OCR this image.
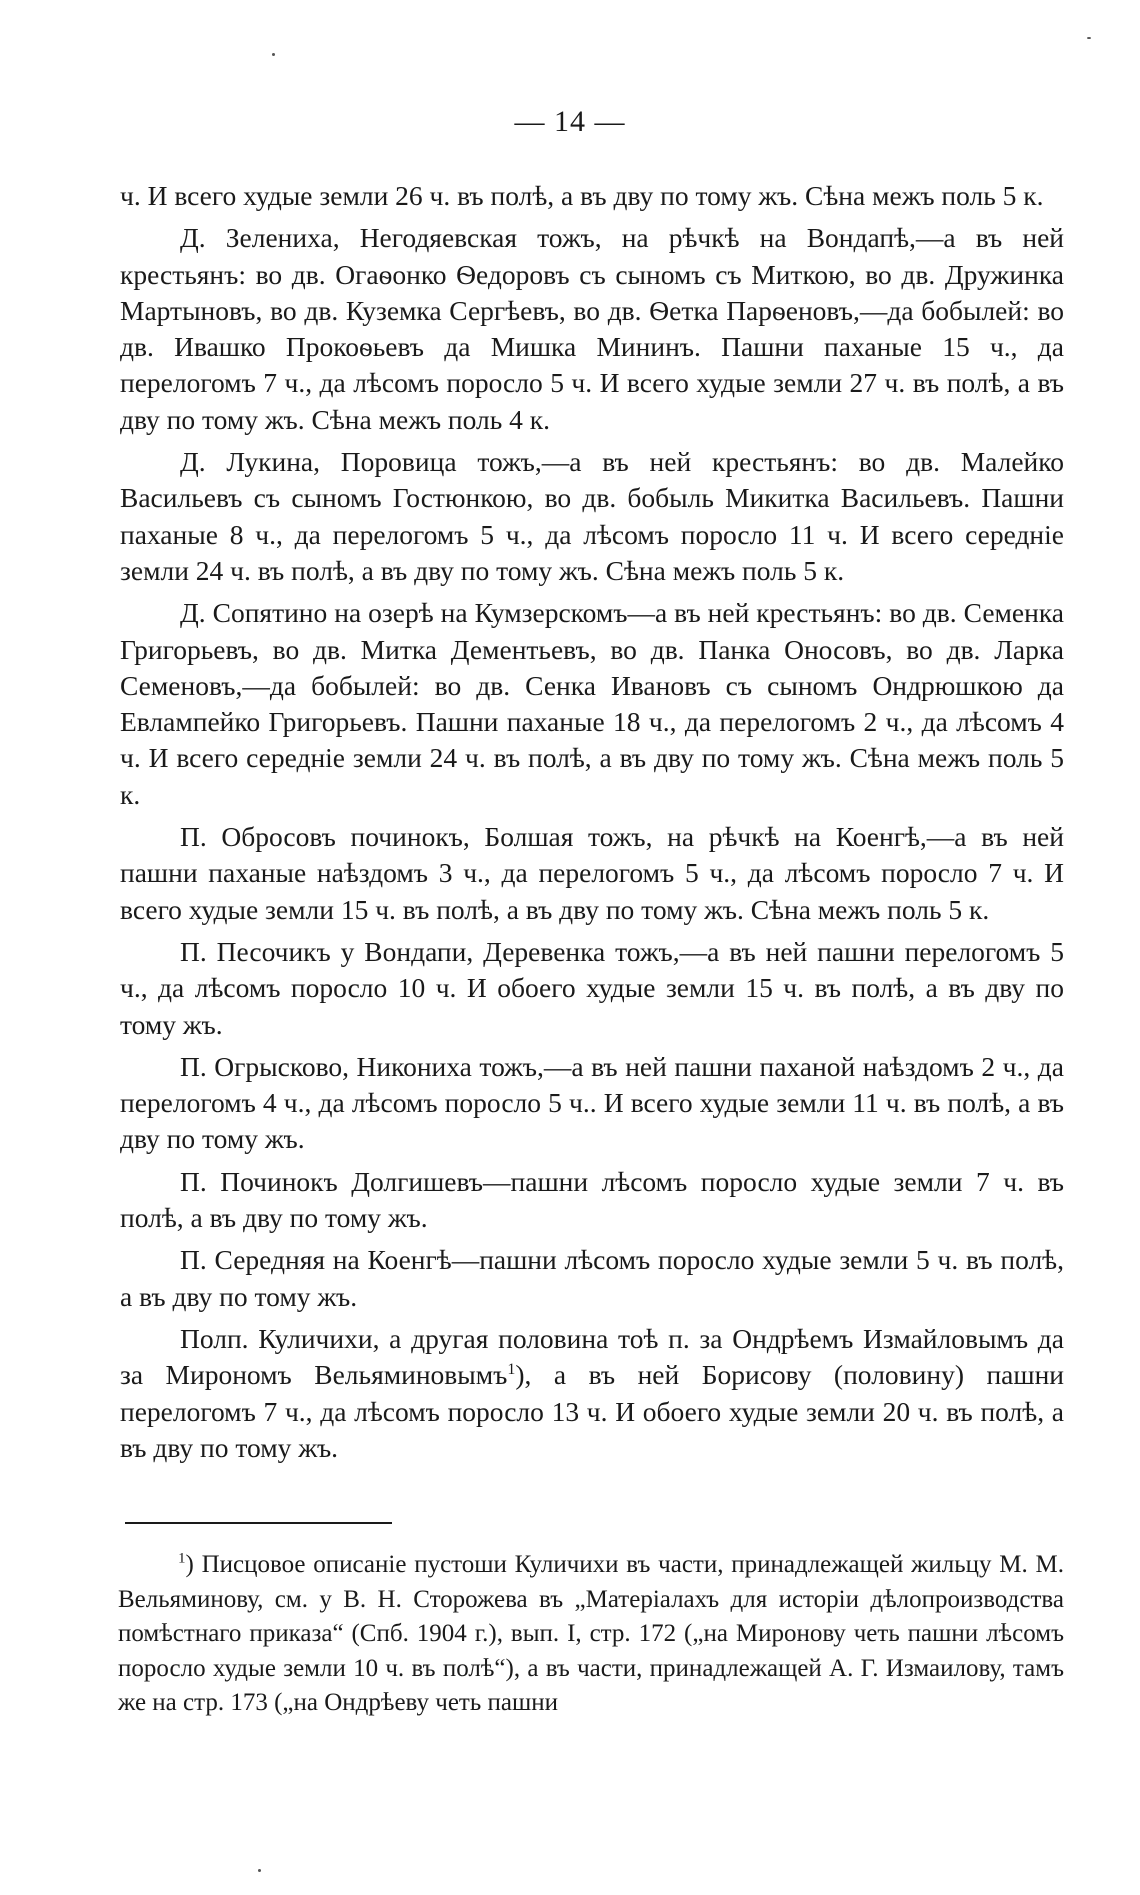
— 14 —

ч. И всего худые земли 26 ч. въ полѣ, а въ дву по тому жъ. Сѣна межъ поль 5 к.

Д. Зелениха, Негодяевская тожъ, на рѣчкѣ на Вондапѣ,—а въ ней крестьянъ: во дв. Огаѳонко Ѳедоровъ съ сыномъ съ Миткою, во дв. Дружинка Мартыновъ, во дв. Куземка Сергѣевъ, во дв. Ѳетка Парѳеновъ,—да бобылей: во дв. Ивашко Прокоѳьевъ да Мишка Мининъ. Пашни паханые 15 ч., да перелогомъ 7 ч., да лѣсомъ поросло 5 ч. И всего худые земли 27 ч. въ полѣ, а въ дву по тому жъ. Сѣна межъ поль 4 к.

Д. Лукина, Поровица тожъ,—а въ ней крестьянъ: во дв. Малейко Васильевъ съ сыномъ Гостюнкою, во дв. бобыль Микитка Васильевъ. Пашни паханые 8 ч., да перелогомъ 5 ч., да лѣсомъ поросло 11 ч. И всего середніе земли 24 ч. въ полѣ, а въ дву по тому жъ. Сѣна межъ поль 5 к.

Д. Сопятино на озерѣ на Кумзерскомъ—а въ ней крестьянъ: во дв. Семенка Григорьевъ, во дв. Митка Дементьевъ, во дв. Панка Оносовъ, во дв. Ларка Семеновъ,—да бобылей: во дв. Сенка Ивановъ съ сыномъ Ондрюшкою да Евлампейко Григорьевъ. Пашни паханые 18 ч., да перелогомъ 2 ч., да лѣсомъ 4 ч. И всего середніе земли 24 ч. въ полѣ, а въ дву по тому жъ. Сѣна межъ поль 5 к.

П. Обросовъ починокъ, Болшая тожъ, на рѣчкѣ на Коенгѣ,—а въ ней пашни паханые наѣздомъ 3 ч., да перелогомъ 5 ч., да лѣсомъ поросло 7 ч. И всего худые земли 15 ч. въ полѣ, а въ дву по тому жъ. Сѣна межъ поль 5 к.

П. Песочикъ у Вондапи, Деревенка тожъ,—а въ ней пашни перелогомъ 5 ч., да лѣсомъ поросло 10 ч. И обоего худые земли 15 ч. въ полѣ, а въ дву по тому жъ.

П. Огрысково, Никониха тожъ,—а въ ней пашни паханой наѣздомъ 2 ч., да перелогомъ 4 ч., да лѣсомъ поросло 5 ч.. И всего худые земли 11 ч. въ полѣ, а въ дву по тому жъ.

П. Починокъ Долгишевъ—пашни лѣсомъ поросло худые земли 7 ч. въ полѣ, а въ дву по тому жъ.

П. Середняя на Коенгѣ—пашни лѣсомъ поросло худые земли 5 ч. въ полѣ, а въ дву по тому жъ.

Полп. Куличихи, а другая половина тоѣ п. за Ондрѣемъ Измайловымъ да за Мирономъ Вельяминовымъ$^1$), а въ ней Борисову (половину) пашни перелогомъ 7 ч., да лѣсомъ поросло 13 ч. И обоего худые земли 20 ч. въ полѣ, а въ дву по тому жъ.

$^1$) Писцовое описаніе пустоши Куличихи въ части, принадлежащей жильцу М. М. Вельяминову, см. у В. Н. Сторожева въ „Матеріалахъ для исторіи дѣлопроизводства помѣстнаго приказа“ (Спб. 1904 г.), вып. I, стр. 172 („на Миронову четь пашни лѣсомъ поросло худые земли 10 ч. въ полѣ“), а въ части, принадлежащей А. Г. Измаилову, тамъ же на стр. 173 („на Ондрѣеву четь пашни
